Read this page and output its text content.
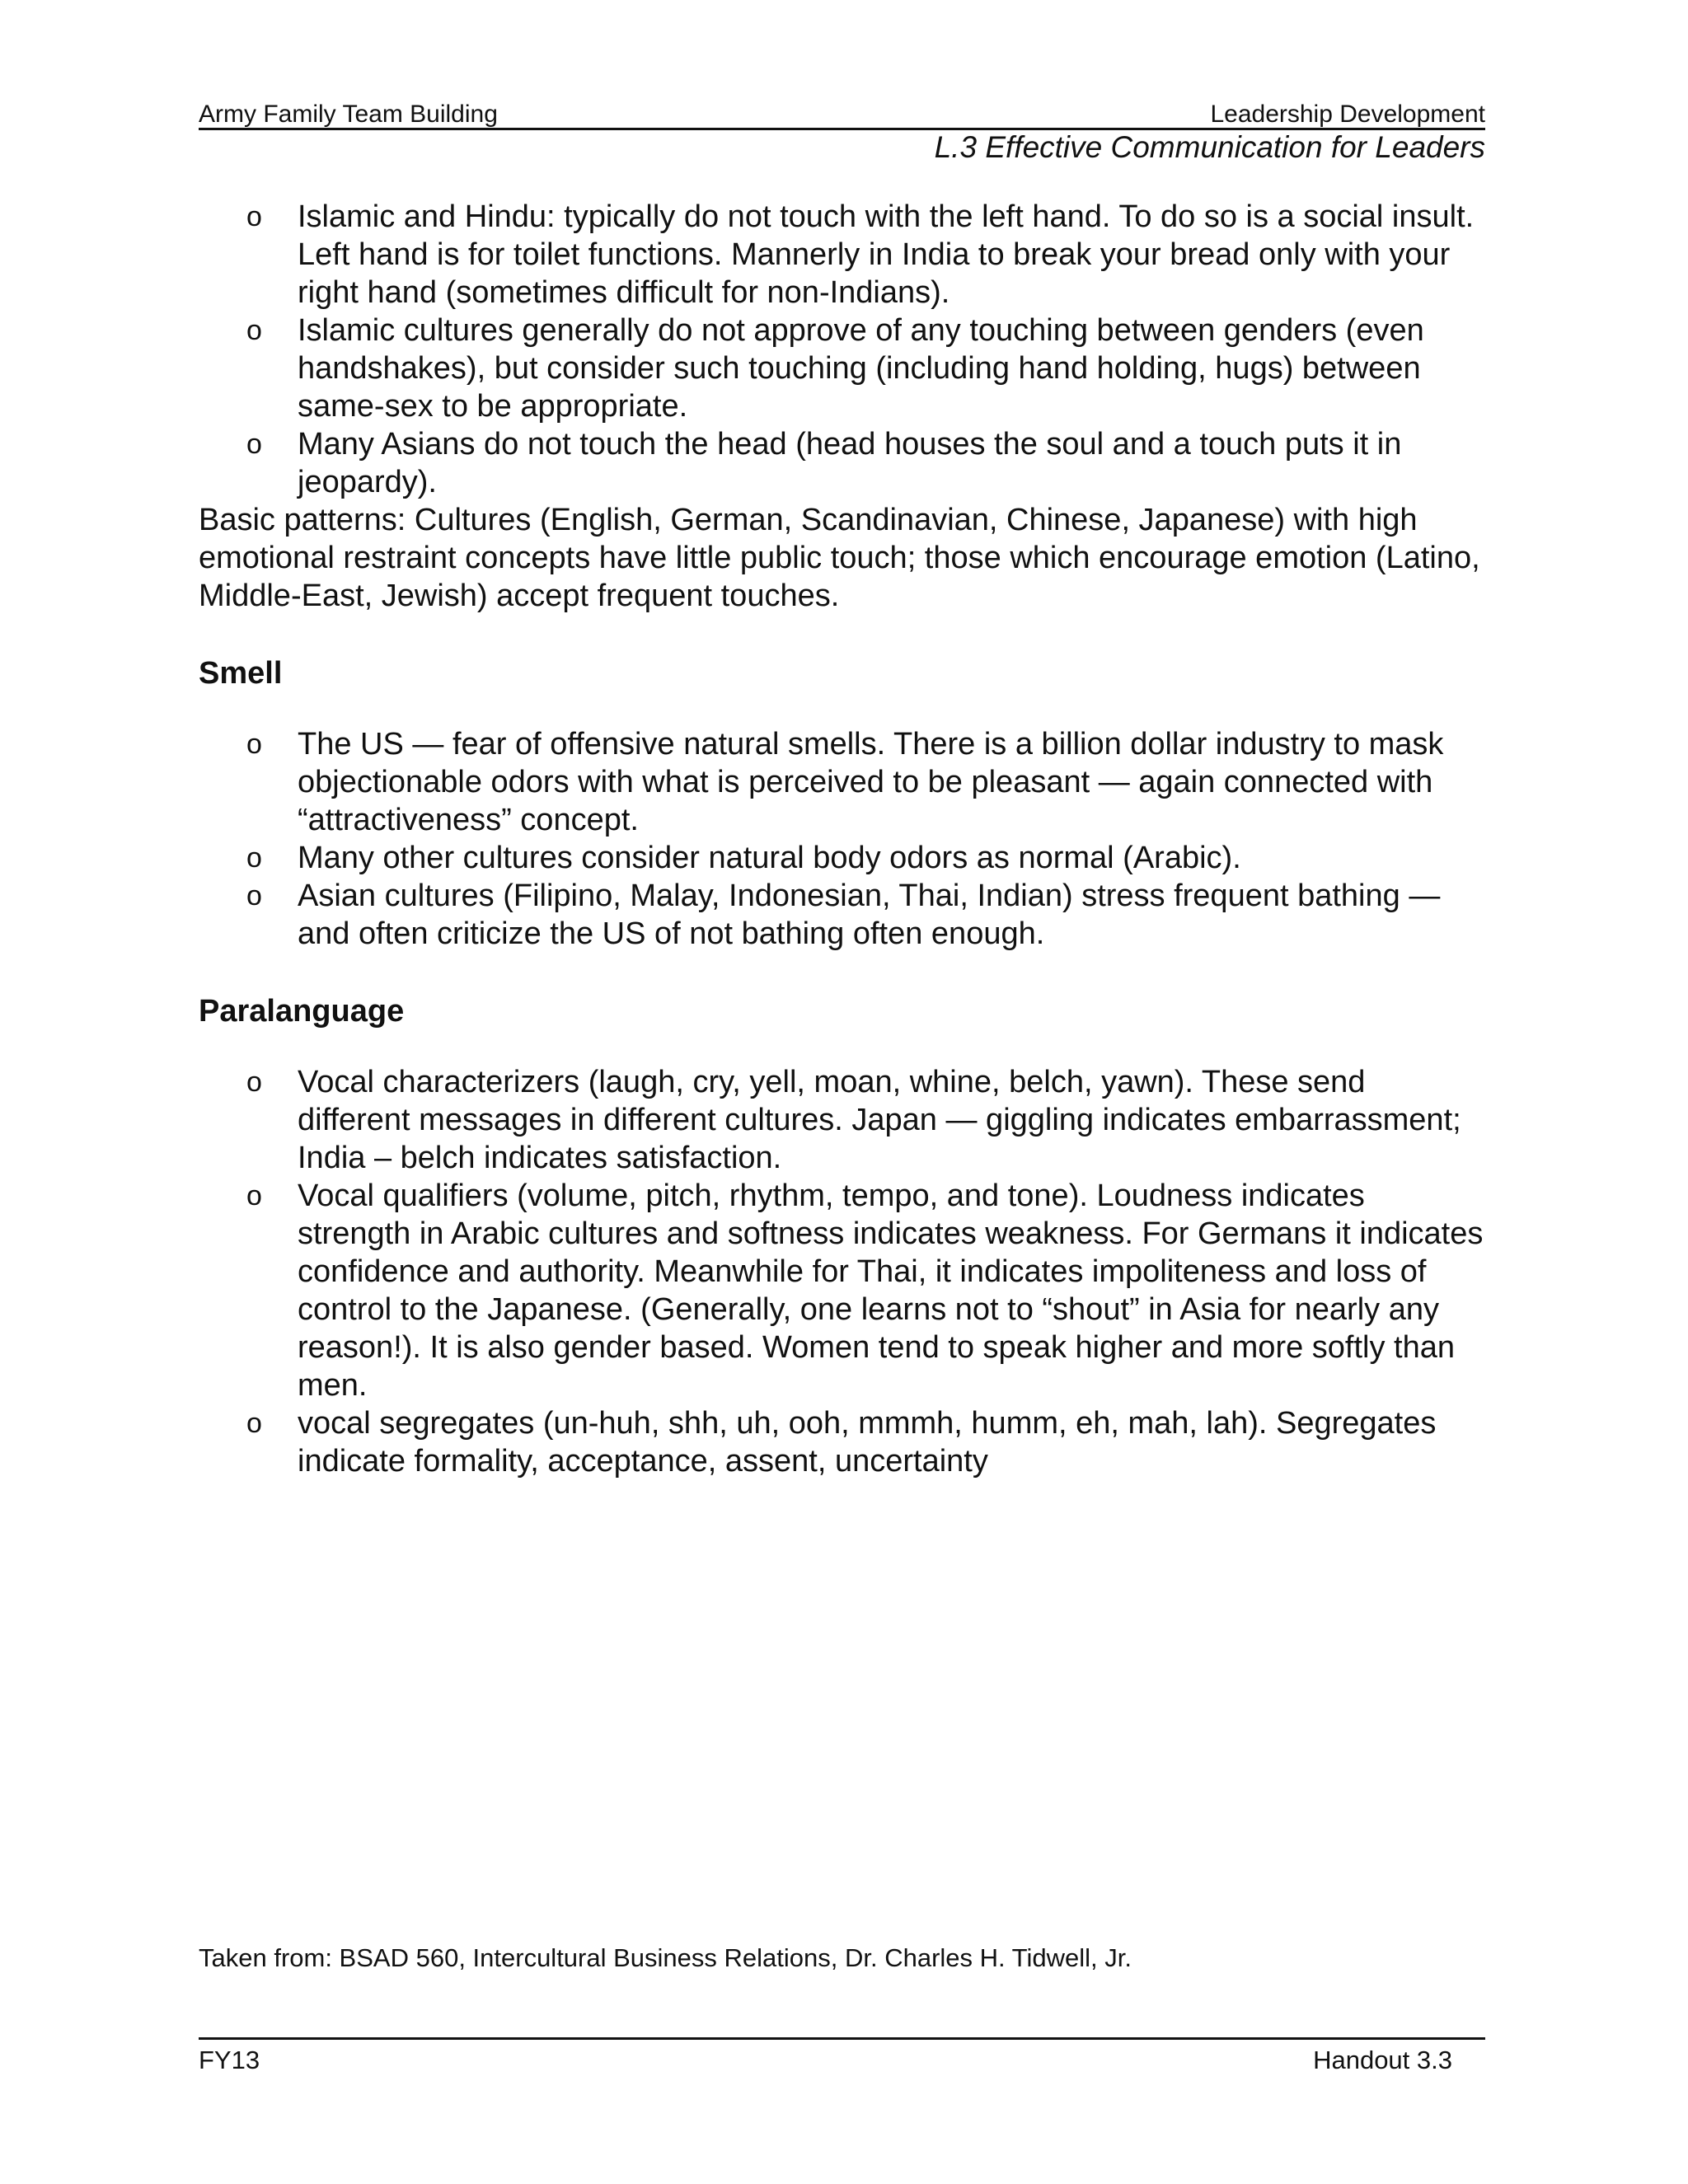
Army Family Team Building	Leadership Development
L.3 Effective Communication for Leaders
o Islamic and Hindu: typically do not touch with the left hand. To do so is a social insult. Left hand is for toilet functions. Mannerly in India to break your bread only with your right hand (sometimes difficult for non-Indians).
o Islamic cultures generally do not approve of any touching between genders (even handshakes), but consider such touching (including hand holding, hugs) between same-sex to be appropriate.
o Many Asians do not touch the head (head houses the soul and a touch puts it in jeopardy).

Basic patterns: Cultures (English, German, Scandinavian, Chinese, Japanese) with high emotional restraint concepts have little public touch; those which encourage emotion (Latino, Middle-East, Jewish) accept frequent touches.

Smell
o The US — fear of offensive natural smells. There is a billion dollar industry to mask objectionable odors with what is perceived to be pleasant — again connected with “attractiveness” concept.
o Many other cultures consider natural body odors as normal (Arabic).
o Asian cultures (Filipino, Malay, Indonesian, Thai, Indian) stress frequent bathing — and often criticize the US of not bathing often enough.
Paralanguage
o Vocal characterizers (laugh, cry, yell, moan, whine, belch, yawn). These send different messages in different cultures. Japan — giggling indicates embarrassment; India – belch indicates satisfaction.
o Vocal qualifiers (volume, pitch, rhythm, tempo, and tone). Loudness indicates strength in Arabic cultures and softness indicates weakness. For Germans it indicates confidence and authority. Meanwhile for Thai, it indicates impoliteness and loss of control to the Japanese. (Generally, one learns not to “shout” in Asia for nearly any reason!). It is also gender based. Women tend to speak higher and more softly than men.
o vocal segregates (un-huh, shh, uh, ooh, mmmh, humm, eh, mah, lah). Segregates indicate formality, acceptance, assent, uncertainty
Taken from: BSAD 560, Intercultural Business Relations, Dr. Charles H. Tidwell, Jr.
FY13	Handout 3.3
